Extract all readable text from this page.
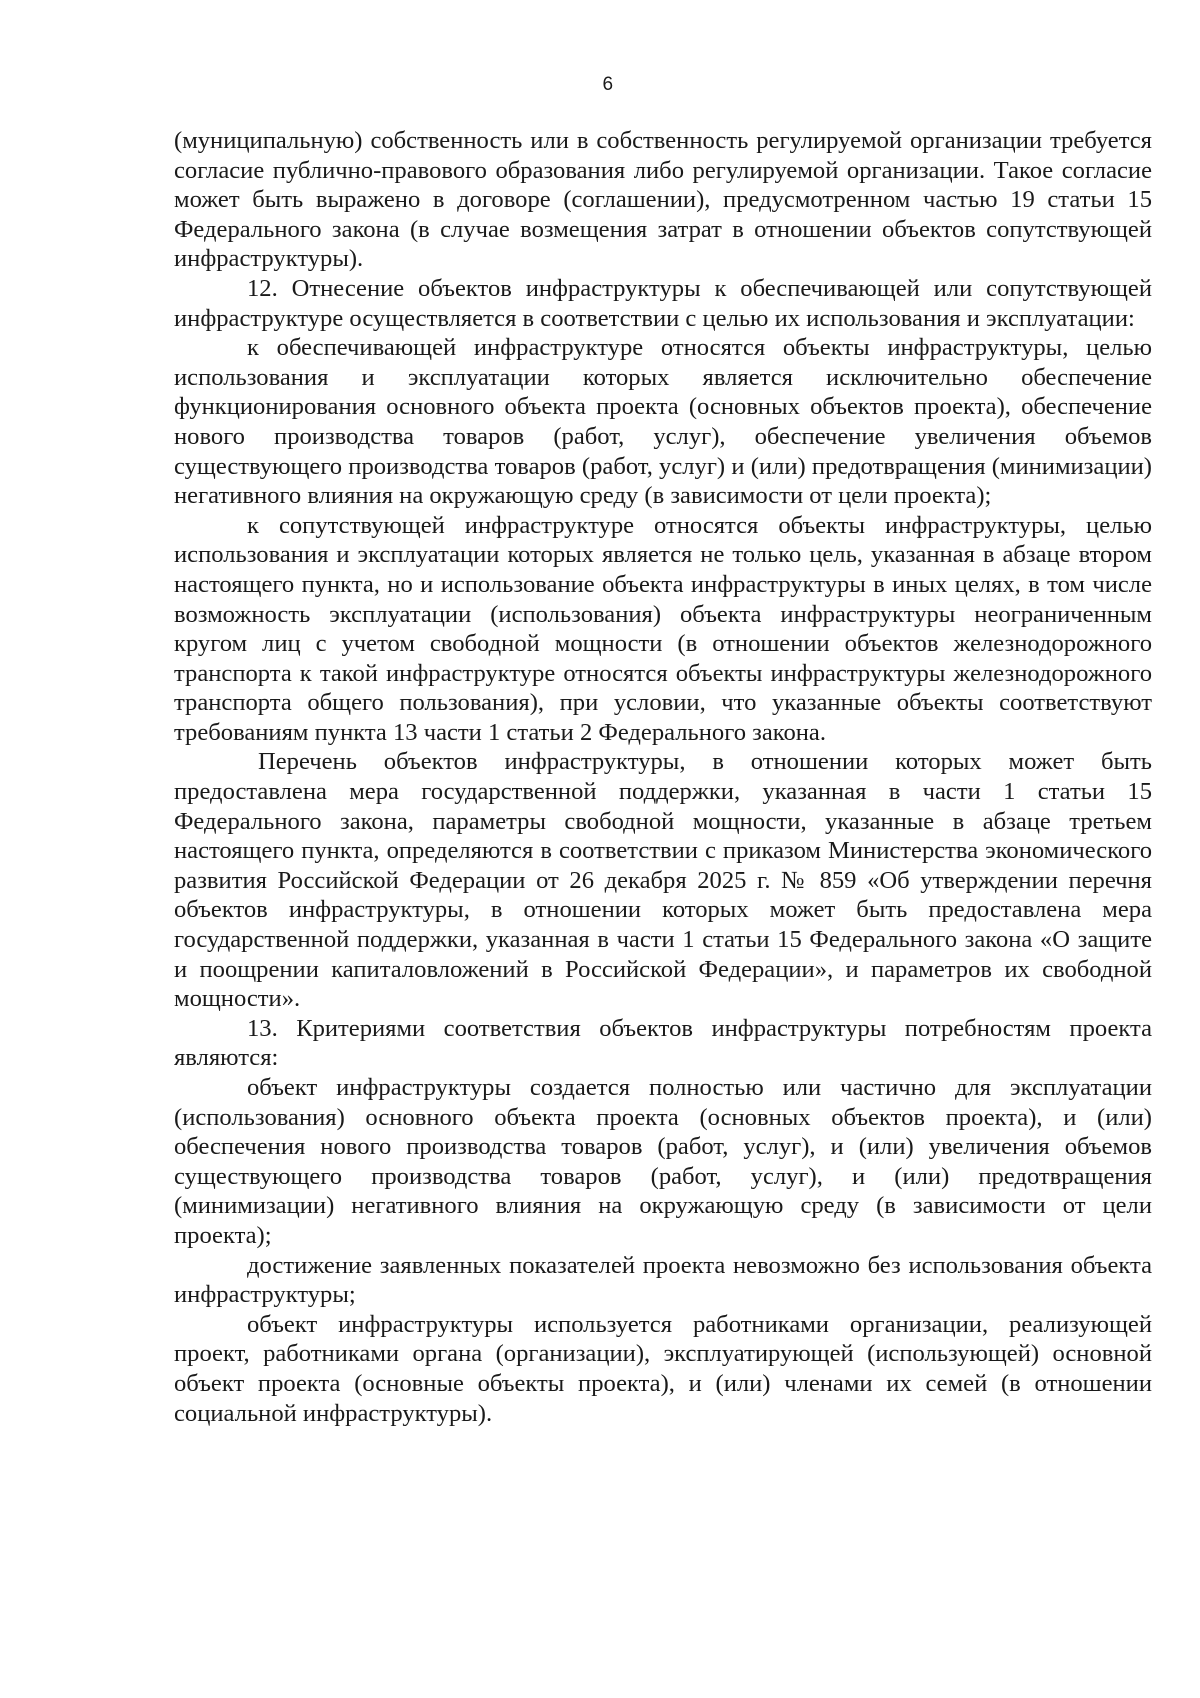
6

(муниципальную) собственность или в собственность регулируемой организации требуется согласие публично-правового образования либо регулируемой организации. Такое согласие может быть выражено в договоре (соглашении), предусмотренном частью 19 статьи 15 Федерального закона (в случае возмещения затрат в отношении объектов сопутствующей инфраструктуры).

12. Отнесение объектов инфраструктуры к обеспечивающей или сопутствующей инфраструктуре осуществляется в соответствии с целью их использования и эксплуатации:

к обеспечивающей инфраструктуре относятся объекты инфраструктуры, целью использования и эксплуатации которых является исключительно обеспечение функционирования основного объекта проекта (основных объектов проекта), обеспечение нового производства товаров (работ, услуг), обеспечение увеличения объемов существующего производства товаров (работ, услуг) и (или) предотвращения (минимизации) негативного влияния на окружающую среду (в зависимости от цели проекта);

к сопутствующей инфраструктуре относятся объекты инфраструктуры, целью использования и эксплуатации которых является не только цель, указанная в абзаце втором настоящего пункта, но и использование объекта инфраструктуры в иных целях, в том числе возможность эксплуатации (использования) объекта инфраструктуры неограниченным кругом лиц с учетом свободной мощности (в отношении объектов железнодорожного транспорта к такой инфраструктуре относятся объекты инфраструктуры железнодорожного транспорта общего пользования), при условии, что указанные объекты соответствуют требованиям пункта 13 части 1 статьи 2 Федерального закона.

Перечень объектов инфраструктуры, в отношении которых может быть предоставлена мера государственной поддержки, указанная в части 1 статьи 15 Федерального закона, параметры свободной мощности, указанные в абзаце третьем настоящего пункта, определяются в соответствии с приказом Министерства экономического развития Российской Федерации от 26 декабря 2025 г. № 859 «Об утверждении перечня объектов инфраструктуры, в отношении которых может быть предоставлена мера государственной поддержки, указанная в части 1 статьи 15 Федерального закона «О защите и поощрении капиталовложений в Российской Федерации», и параметров их свободной мощности».

13. Критериями соответствия объектов инфраструктуры потребностям проекта являются:

объект инфраструктуры создается полностью или частично для эксплуатации (использования) основного объекта проекта (основных объектов проекта), и (или) обеспечения нового производства товаров (работ, услуг), и (или) увеличения объемов существующего производства товаров (работ, услуг), и (или) предотвращения (минимизации) негативного влияния на окружающую среду (в зависимости от цели проекта);

достижение заявленных показателей проекта невозможно без использования объекта инфраструктуры;

объект инфраструктуры используется работниками организации, реализующей проект, работниками органа (организации), эксплуатирующей (использующей) основной объект проекта (основные объекты проекта), и (или) членами их семей (в отношении социальной инфраструктуры).
